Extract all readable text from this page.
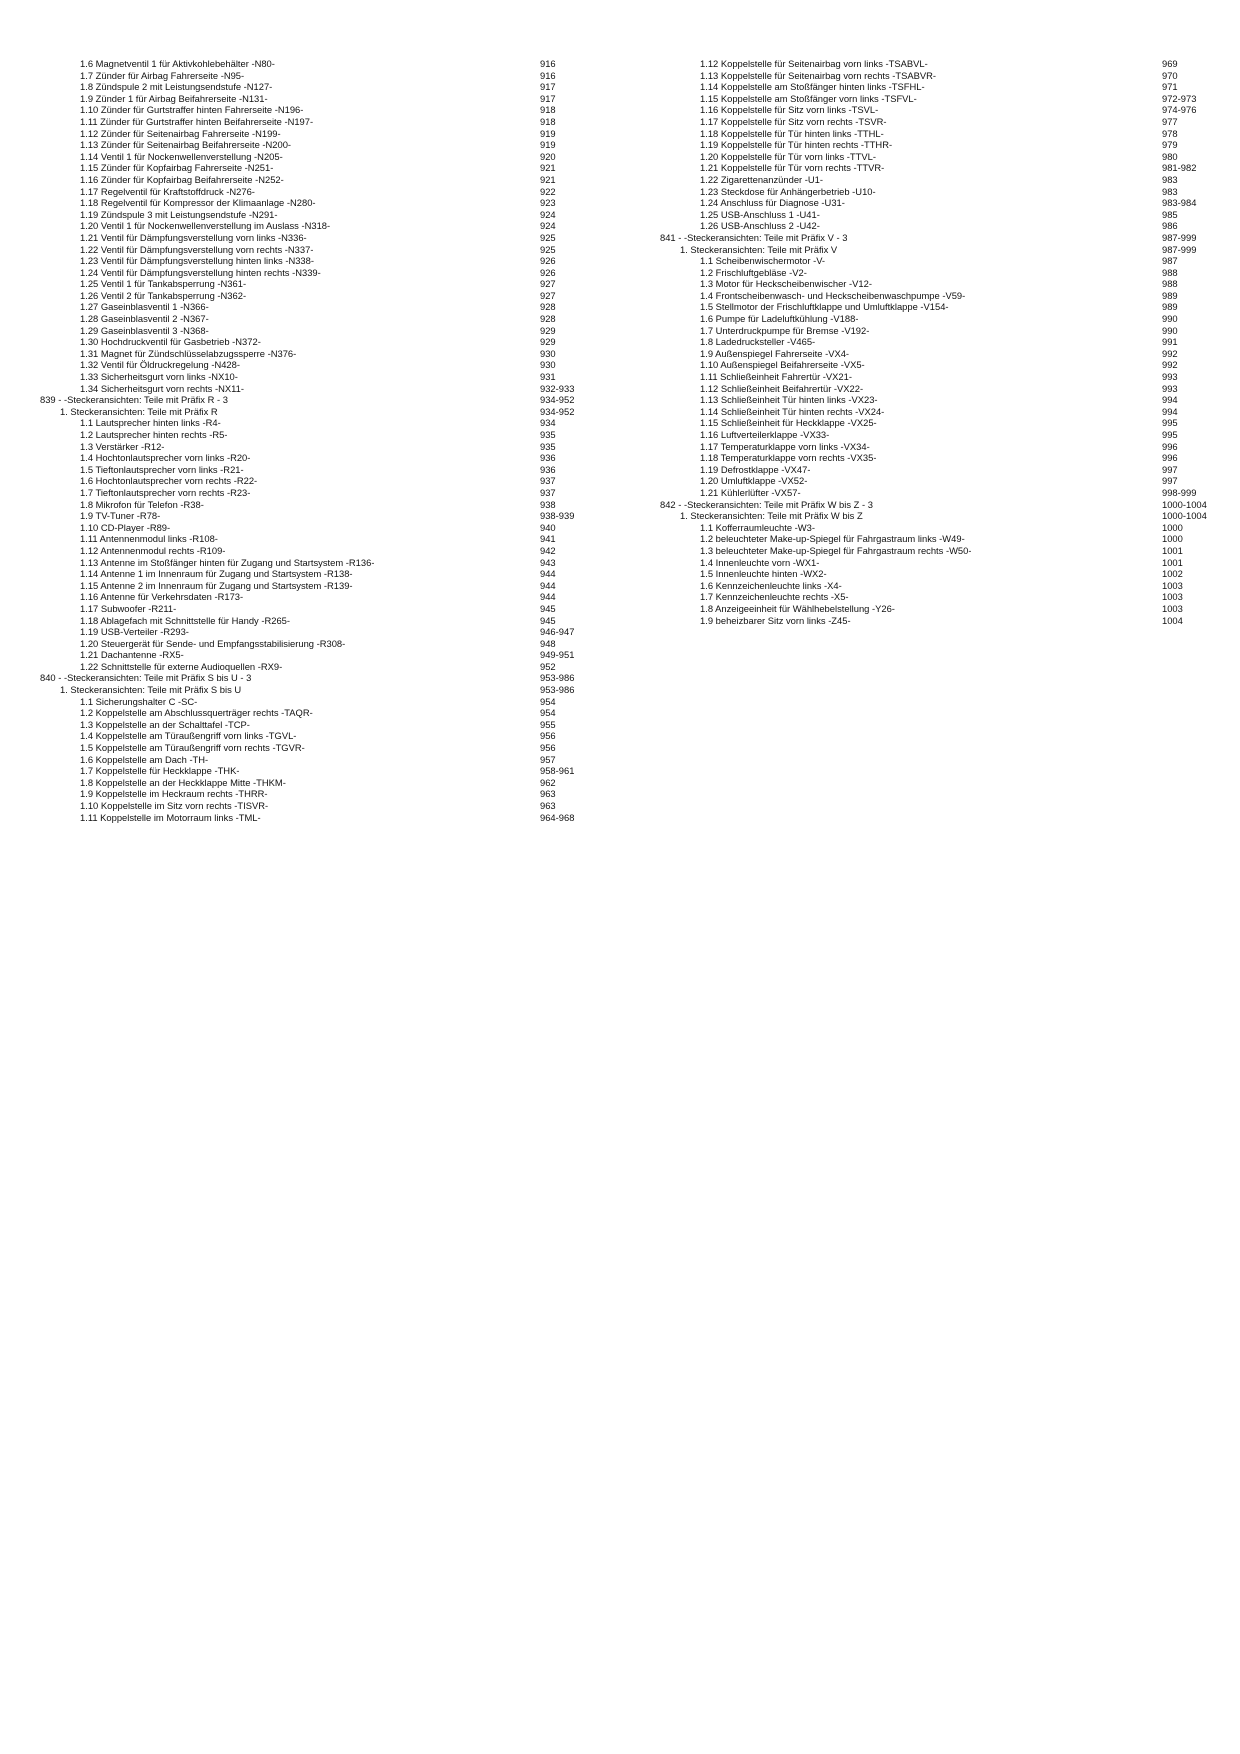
1.6 Magnetventil 1 für Aktivkohlebehälter -N80-	916
1.7 Zünder für Airbag Fahrerseite -N95-	916
1.8 Zündspule 2 mit Leistungsendstufe -N127-	917
1.9 Zünder 1 für Airbag Beifahrerseite -N131-	917
1.10 Zünder für Gurtstraffer hinten Fahrerseite -N196-	918
1.11 Zünder für Gurtstraffer hinten Beifahrerseite -N197-	918
1.12 Zünder für Seitenairbag Fahrerseite -N199-	919
1.13 Zünder für Seitenairbag Beifahrerseite -N200-	919
1.14 Ventil 1 für Nockenwellenverstellung -N205-	920
1.15 Zünder für Kopfairbag Fahrerseite -N251-	921
1.16 Zünder für Kopfairbag Beifahrerseite -N252-	921
1.17 Regelventil für Kraftstoffdruck -N276-	922
1.18 Regelventil für Kompressor der Klimaanlage -N280-	923
1.19 Zündspule 3 mit Leistungsendstufe -N291-	924
1.20 Ventil 1 für Nockenwellenverstellung im Auslass -N318-	924
1.21 Ventil für Dämpfungsverstellung vorn links -N336-	925
1.22 Ventil für Dämpfungsverstellung vorn rechts -N337-	925
1.23 Ventil für Dämpfungsverstellung hinten links -N338-	926
1.24 Ventil für Dämpfungsverstellung hinten rechts -N339-	926
1.25 Ventil 1 für Tankabsperrung -N361-	927
1.26 Ventil 2 für Tankabsperrung -N362-	927
1.27 Gaseinblasventil 1 -N366-	928
1.28 Gaseinblasventil 2 -N367-	928
1.29 Gaseinblasventil 3 -N368-	929
1.30 Hochdruckventil für Gasbetrieb -N372-	929
1.31 Magnet für Zündschlüsselabzugssperre -N376-	930
1.32 Ventil für Öldruckregelung -N428-	930
1.33 Sicherheitsgurt vorn links -NX10-	931
1.34 Sicherheitsgurt vorn rechts -NX11-	932-933
839 - -Steckeransichten: Teile mit Präfix R - 3	934-952
1. Steckeransichten: Teile mit Präfix R	934-952
1.1 Lautsprecher hinten links -R4-	934
1.2 Lautsprecher hinten rechts -R5-	935
1.3 Verstärker -R12-	935
1.4 Hochtonlautsprecher vorn links -R20-	936
1.5 Tieftonlautsprecher vorn links -R21-	936
1.6 Hochtonlautsprecher vorn rechts -R22-	937
1.7 Tieftonlautsprecher vorn rechts -R23-	937
1.8 Mikrofon für Telefon -R38-	938
1.9 TV-Tuner -R78-	938-939
1.10 CD-Player -R89-	940
1.11 Antennenmodul links -R108-	941
1.12 Antennenmodul rechts -R109-	942
1.13 Antenne im Stoßfänger hinten für Zugang und Startsystem -R136-	943
1.14 Antenne 1 im Innenraum für Zugang und Startsystem -R138-	944
1.15 Antenne 2 im Innenraum für Zugang und Startsystem -R139-	944
1.16 Antenne für Verkehrsdaten -R173-	944
1.17 Subwoofer -R211-	945
1.18 Ablagefach mit Schnittstelle für Handy -R265-	945
1.19 USB-Verteiler -R293-	946-947
1.20 Steuergerät für Sende- und Empfangsstabilisierung -R308-	948
1.21 Dachantenne -RX5-	949-951
1.22 Schnittstelle für externe Audioquellen -RX9-	952
840 - -Steckeransichten: Teile mit Präfix S bis U - 3	953-986
1. Steckeransichten: Teile mit Präfix S bis U	953-986
1.1 Sicherungshalter C -SC-	954
1.2 Koppelstelle am Abschlussquerträger rechts -TAQR-	954
1.3 Koppelstelle an der Schalttafel -TCP-	955
1.4 Koppelstelle am Türaußengriff vorn links -TGVL-	956
1.5 Koppelstelle am Türaußengriff vorn rechts -TGVR-	956
1.6 Koppelstelle am Dach -TH-	957
1.7 Koppelstelle für Heckklappe -THK-	958-961
1.8 Koppelstelle an der Heckklappe Mitte -THKM-	962
1.9 Koppelstelle im Heckraum rechts -THRR-	963
1.10 Koppelstelle im Sitz vorn rechts -TISVR-	963
1.11 Koppelstelle im Motorraum links -TML-	964-968
1.12 Koppelstelle für Seitenairbag vorn links -TSABVL-	969
1.13 Koppelstelle für Seitenairbag vorn rechts -TSABVR-	970
1.14 Koppelstelle am Stoßfänger hinten links -TSFHL-	971
1.15 Koppelstelle am Stoßfänger vorn links -TSFVL-	972-973
1.16 Koppelstelle für Sitz vorn links -TSVL-	974-976
1.17 Koppelstelle für Sitz vorn rechts -TSVR-	977
1.18 Koppelstelle für Tür hinten links -TTHL-	978
1.19 Koppelstelle für Tür hinten rechts -TTHR-	979
1.20 Koppelstelle für Tür vorn links -TTVL-	980
1.21 Koppelstelle für Tür vorn rechts -TTVR-	981-982
1.22 Zigarettenanzünder -U1-	983
1.23 Steckdose für Anhängerbetrieb -U10-	983
1.24 Anschluss für Diagnose -U31-	983-984
1.25 USB-Anschluss 1 -U41-	985
1.26 USB-Anschluss 2 -U42-	986
841 - -Steckeransichten: Teile mit Präfix V - 3	987-999
1. Steckeransichten: Teile mit Präfix V	987-999
1.1 Scheibenwischermotor -V-	987
1.2 Frischluftgebläse -V2-	988
1.3 Motor für Heckscheibenwischer -V12-	988
1.4 Frontscheibenwasch- und Heckscheibenwaschpumpe -V59-	989
1.5 Stellmotor der Frischluftklappe und Umluftklappe -V154-	989
1.6 Pumpe für Ladeluftkühlung -V188-	990
1.7 Unterdruckpumpe für Bremse -V192-	990
1.8 Ladedrucksteller -V465-	991
1.9 Außenspiegel Fahrerseite -VX4-	992
1.10 Außenspiegel Beifahrerseite -VX5-	992
1.11 Schließeinheit Fahrertür -VX21-	993
1.12 Schließeinheit Beifahrertür -VX22-	993
1.13 Schließeinheit Tür hinten links -VX23-	994
1.14 Schließeinheit Tür hinten rechts -VX24-	994
1.15 Schließeinheit für Heckklappe -VX25-	995
1.16 Luftverteilerklappe -VX33-	995
1.17 Temperaturklappe vorn links -VX34-	996
1.18 Temperaturklappe vorn rechts -VX35-	996
1.19 Defrostklappe -VX47-	997
1.20 Umluftklappe -VX52-	997
1.21 Kühlerlüfter -VX57-	998-999
842 - -Steckeransichten: Teile mit Präfix W bis Z - 3	1000-1004
1. Steckeransichten: Teile mit Präfix W bis Z	1000-1004
1.1 Kofferraumleuchte -W3-	1000
1.2 beleuchteter Make-up-Spiegel für Fahrgastraum links -W49-	1000
1.3 beleuchteter Make-up-Spiegel für Fahrgastraum rechts -W50-	1001
1.4 Innenleuchte vorn -WX1-	1001
1.5 Innenleuchte hinten -WX2-	1002
1.6 Kennzeichenleuchte links -X4-	1003
1.7 Kennzeichenleuchte rechts -X5-	1003
1.8 Anzeigeeinheit für Wählhebelstellung -Y26-	1003
1.9 beheizbarer Sitz vorn links -Z45-	1004
